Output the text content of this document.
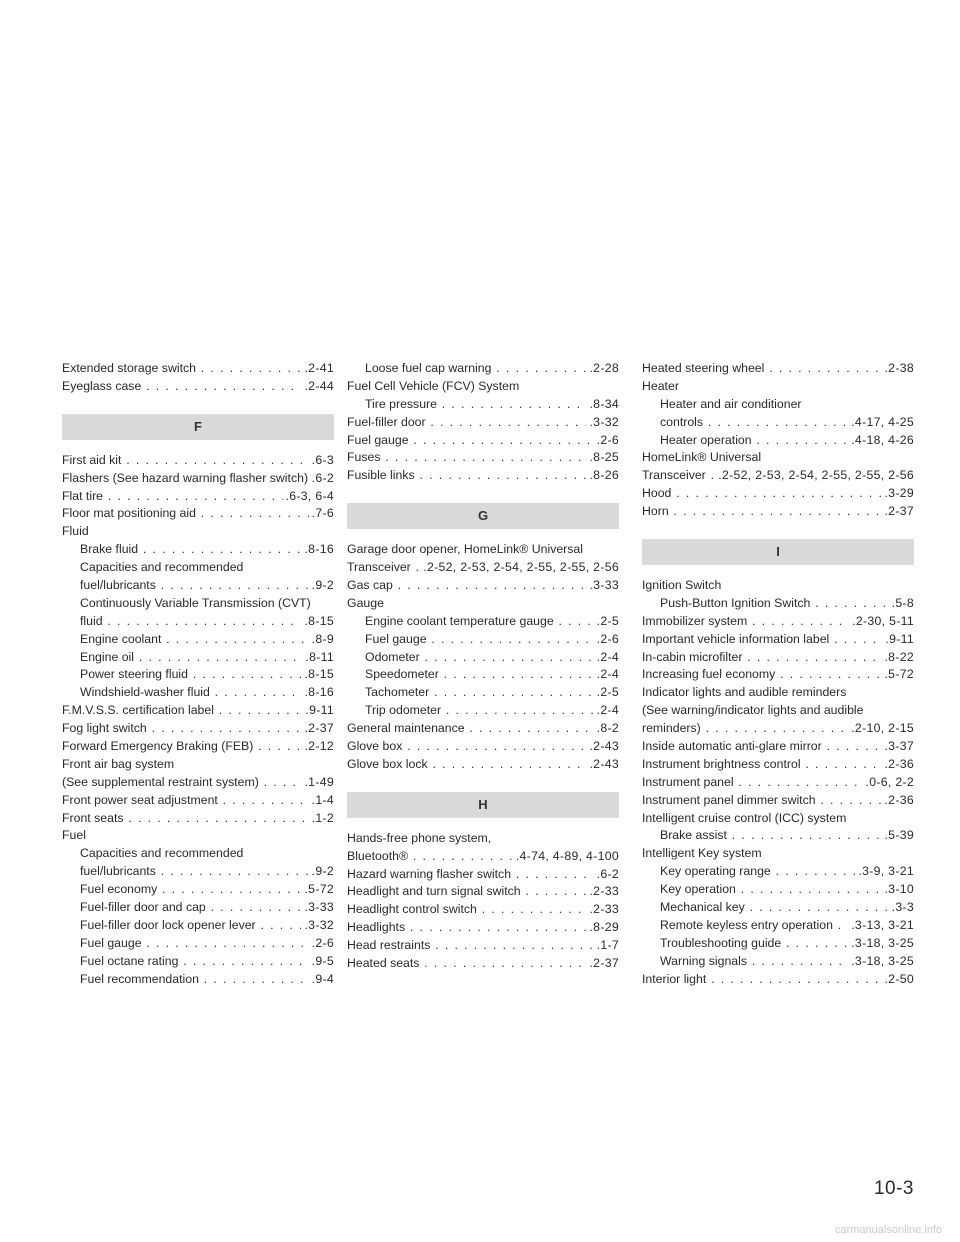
Extended storage switch . . .	.2-41
Eyeglass case . . .	.2-44
F
First aid kit . . .	.6-3
Flashers (See hazard warning flasher switch) . . . .6-2
Flat tire . . .	.6-3, 6-4
Floor mat positioning aid . . .	.7-6
Fluid
Brake fluid . . .	.8-16
Capacities and recommended
fuel/lubricants . . .	.9-2
Continuously Variable Transmission (CVT)
fluid . . .	.8-15
Engine coolant . . .	.8-9
Engine oil . . .	.8-11
Power steering fluid . . .	.8-15
Windshield-washer fluid . . .	.8-16
F.M.V.S.S. certification label . . .	.9-11
Fog light switch . . .	.2-37
Forward Emergency Braking (FEB) . . .	.2-12
Front air bag system
(See supplemental restraint system) . . .	.1-49
Front power seat adjustment . . .	.1-4
Front seats . . .	.1-2
Fuel
Capacities and recommended
fuel/lubricants . . .	.9-2
Fuel economy . . .	.5-72
Fuel-filler door and cap . . .	.3-33
Fuel-filler door lock opener lever . . .	.3-32
Fuel gauge . . .	.2-6
Fuel octane rating . . .	.9-5
Fuel recommendation . . .	.9-4
Loose fuel cap warning . . .	.2-28
Fuel Cell Vehicle (FCV) System
Tire pressure . . .	.8-34
Fuel-filler door . . .	.3-32
Fuel gauge . . .	.2-6
Fuses . . .	.8-25
Fusible links . . .	.8-26
G
Garage door opener, HomeLink® Universal
Transceiver . . .	.2-52, 2-53, 2-54, 2-55, 2-55, 2-56
Gas cap . . .	.3-33
Gauge
Engine coolant temperature gauge . . .	.2-5
Fuel gauge . . .	.2-6
Odometer . . .	.2-4
Speedometer . . .	.2-4
Tachometer . . .	.2-5
Trip odometer . . .	.2-4
General maintenance . . .	.8-2
Glove box . . .	.2-43
Glove box lock . . .	.2-43
H
Hands-free phone system,
Bluetooth® . . .	.4-74, 4-89, 4-100
Hazard warning flasher switch . . .	.6-2
Headlight and turn signal switch . . .	.2-33
Headlight control switch . . .	.2-33
Headlights . . .	.8-29
Head restraints . . .	.1-7
Heated seats . . .	.2-37
Heated steering wheel . . .	.2-38
Heater
Heater and air conditioner
controls . . .	.4-17, 4-25
Heater operation . . .	.4-18, 4-26
HomeLink® Universal
Transceiver . . .	.2-52, 2-53, 2-54, 2-55, 2-55, 2-56
Hood . . .	.3-29
Horn . . .	.2-37
I
Ignition Switch
Push-Button Ignition Switch . . .	.5-8
Immobilizer system . . .	.2-30, 5-11
Important vehicle information label . . .	.9-11
In-cabin microfilter . . .	.8-22
Increasing fuel economy . . .	.5-72
Indicator lights and audible reminders
(See warning/indicator lights and audible
reminders) . . .	.2-10, 2-15
Inside automatic anti-glare mirror . . .	.3-37
Instrument brightness control . . .	.2-36
Instrument panel . . .	.0-6, 2-2
Instrument panel dimmer switch . . .	.2-36
Intelligent cruise control (ICC) system
Brake assist . . .	.5-39
Intelligent Key system
Key operating range . . .	.3-9, 3-21
Key operation . . .	.3-10
Mechanical key . . .	.3-3
Remote keyless entry operation . . .	.3-13, 3-21
Troubleshooting guide . . .	.3-18, 3-25
Warning signals . . .	.3-18, 3-25
Interior light . . .	.2-50
10-3
carmanualsonline.info
